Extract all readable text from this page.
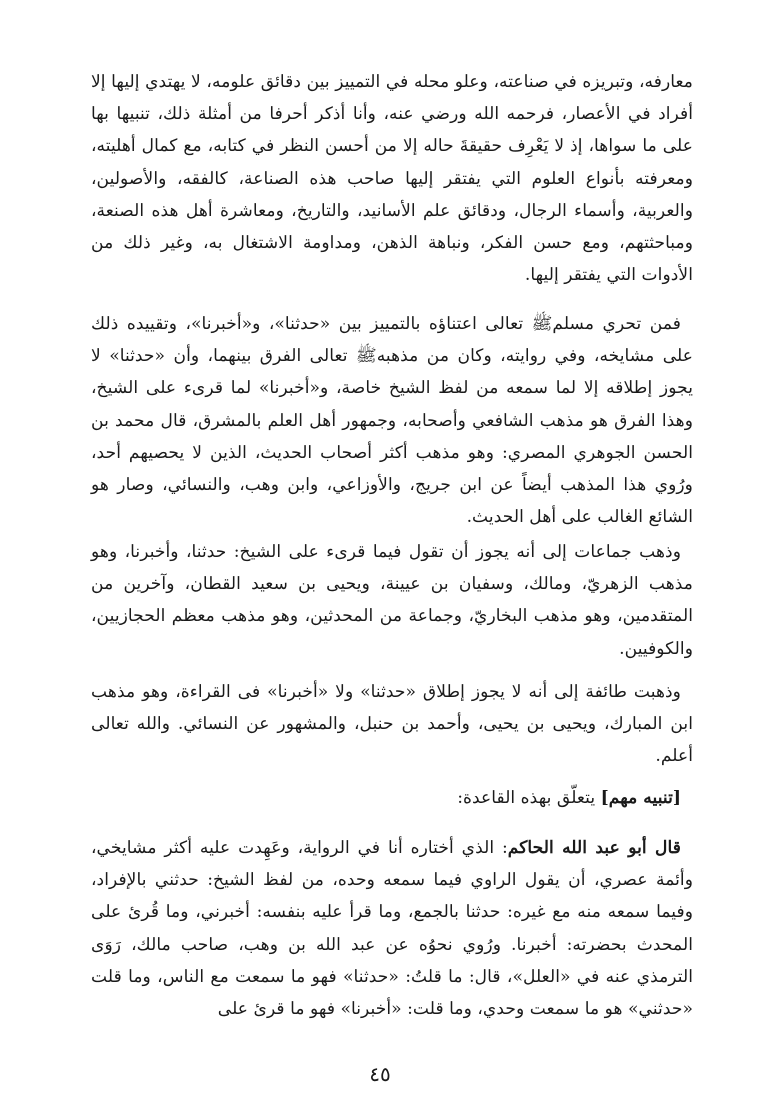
معارفه، وتبريزه في صناعته، وعلو محله في التمييز بين دقائق علومه، لا يهتدي إليها إلا أفراد في الأعصار، فرحمه الله ورضي عنه، وأنا أذكر أحرفا من أمثلة ذلك، تنبيها بها على ما سواها، إذ لا يَعْرِف حقيقةَ حاله إلا من أحسن النظر في كتابه، مع كمال أهليته، ومعرفته بأنواع العلوم التي يفتقر إليها صاحب هذه الصناعة، كالفقه، والأصولين، والعربية، وأسماء الرجال، ودقائق علم الأسانيد، والتاريخ، ومعاشرة أهل هذه الصنعة، ومباحثتهم، ومع حسن الفكر، ونباهة الذهن، ومداومة الاشتغال به، وغير ذلك من الأدوات التي يفتقر إليها.

فمن تحري مسلمﷺ تعالى اعتناؤه بالتمييز بين «حدثنا»، و«أخبرنا»، وتقييده ذلك على مشايخه، وفي روايته، وكان من مذهبهﷺ تعالى الفرق بينهما، وأن «حدثنا» لا يجوز إطلاقه إلا لما سمعه من لفظ الشيخ خاصة، و«أخبرنا» لما قرىء على الشيخ، وهذا الفرق هو مذهب الشافعي وأصحابه، وجمهور أهل العلم بالمشرق، قال محمد بن الحسن الجوهري المصري: وهو مذهب أكثر أصحاب الحديث، الذين لا يحصيهم أحد، ورُوي هذا المذهب أيضاً عن ابن جريج، والأوزاعي، وابن وهب، والنسائي، وصار هو الشائع الغالب على أهل الحديث.

وذهب جماعات إلى أنه يجوز أن تقول فيما قرىء على الشيخ: حدثنا، وأخبرنا، وهو مذهب الزهريّ، ومالك، وسفيان بن عيينة، ويحيى بن سعيد القطان، وآخرين من المتقدمين، وهو مذهب البخاريّ، وجماعة من المحدثين، وهو مذهب معظم الحجازيين، والكوفيين.

وذهبت طائفة إلى أنه لا يجوز إطلاق «حدثنا» ولا «أخبرنا» فى القراءة، وهو مذهب ابن المبارك، ويحيى بن يحيى، وأحمد بن حنبل، والمشهور عن النسائي. والله تعالى أعلم.

[تنبيه مهم] يتعلّق بهذه القاعدة:

قال أبو عبد الله الحاكم: الذي أختاره أنا في الرواية، وعَهِدت عليه أكثر مشايخي، وأئمة عصري، أن يقول الراوي فيما سمعه وحده، من لفظ الشيخ: حدثني بالإفراد، وفيما سمعه منه مع غيره: حدثنا بالجمع، وما قرأ عليه بنفسه: أخبرني، وما قُرئ على المحدث بحضرته: أخبرنا. ورُوي نحوُه عن عبد الله بن وهب، صاحب مالك، رَوَى الترمذي عنه في «العلل»، قال: ما قلتُ: «حدثنا» فهو ما سمعت مع الناس، وما قلت «حدثني» هو ما سمعت وحدي، وما قلت: «أخبرنا» فهو ما قرئ على

٤٥
